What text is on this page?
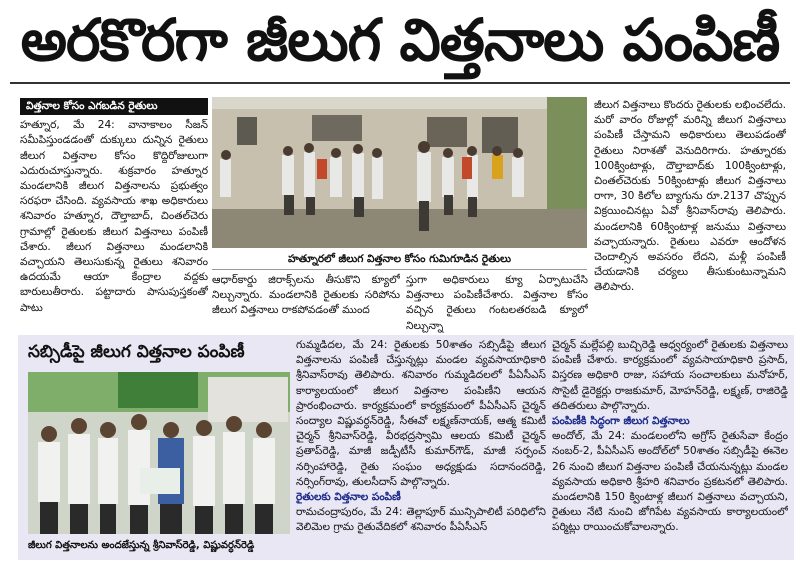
అరకొరగా జీలుగ విత్తనాలు పంపిణీ
విత్తనాల కోసం ఎగబడిన రైతులు
హత్నూర, మే 24: వానాకాలం సీజన్ సమీపిస్తుండడంతో దుక్కులు దున్నిన రైతులు జీలుగ విత్తనాల కోసం కొద్దిరోజులుగా ఎదురుచూస్తున్నారు. శుక్రవారం హత్నూర మండలానికి జీలుగ విత్తనాలను ప్రభుత్వం సరఫరా చేసింది. వ్యవసాయ శాఖ అధికారులు శనివారం హత్నూర, దౌల్తాబాద్, చింతల్‌చెరు గ్రామాల్లో రైతులకు జీలుగ విత్తనాలు పంపిణీ చేశారు. జీలుగ విత్తనాలు మండలానికి వచ్చాయని తెలుసుకున్న రైతులు శనివారం ఉదయమే ఆయా కేంద్రాల వద్దకు బారులుతీరారు. పట్టాదారు పాసుపుస్తకంతో పాటు
హత్నూరలో జీలుగ విత్తనాల కోసం గుమిగూడిన రైతులు
ఆధార్‌కార్డు జిరాక్స్‌లను తీసుకొని క్యూలో నిల్చున్నారు. మండలానికి రైతులకు సరిపోను జీలుగ విత్తనాలు రాకపోవడంతో ముంద
స్తుగా అధికారులు క్యూ ఏర్పాటుచేసి విత్తనాలు పంపిణీచేశారు. విత్తనాల కోసం వచ్చిన రైతులు గంటలతరబడి క్యూలో నిల్చున్నా
జీలుగ విత్తనాలు కొందరు రైతులకు లభించలేదు. మరో వారం రోజుల్లో మరిన్ని జీలుగ విత్తనాలు పంపిణీ చేస్తామని అధికారులు తెలుపడంతో రైతులు నిరాశతో వెనుదిరిగారు. హత్నూరకు 100క్వింటాళ్లు, దౌల్తాబాద్‌కు 100క్వింటాళ్లు, చింతల్‌చెరుకు 50క్వింటాళ్లు జీలుగ విత్తనాలు రాగా, 30 కిలోల బ్యాగును రూ.2137 చొప్పున విక్రయించినట్లు ఏవో శ్రీనివాస్‌రావు తెలిపారు. మండలానికి 60క్వింటాళ్ల జనుము విత్తనాలు వచ్చాయన్నారు. రైతులు ఎవరూ ఆందోళన చెందాల్సిన అవసరం లేదని, మళ్లీ పంపిణీ చేయడానికి చర్యలు తీసుకుంటున్నామని తెలిపారు.
సబ్సిడీపై జీలుగ విత్తనాల పంపిణీ
జీలుగ విత్తనాలను అందజేస్తున్న శ్రీనివాస్‌రెడ్డి, విష్ణువర్ధన్‌రెడ్డి
గుమ్మడిదల, మే 24: రైతులకు 50శాతం సబ్సిడీపై జీలుగ విత్తనాలను పంపిణీ చేస్తున్నట్లు మండల వ్యవసాయాధికారి శ్రీనివాస్‌రావు తెలిపారు. శనివారం గుమ్మడిదలలో పీఏసీఎస్ కార్యాలయంలో జీలుగ విత్తనాల పంపిణీని ఆయన ప్రారంభించారు. కార్యక్రమంలో కార్యక్రమంలో పీఏసీఎస్ చైర్మన్ సంద్యాల విష్ణువర్ధన్‌రెడ్డి, సీఈవో లక్ష్మణ్‌నాయక్, ఆత్మ కమిటీ చైర్మన్ శ్రీనివాస్‌రెడ్డి, వీరభద్రస్వామి ఆలయ కమిటీ చైర్మన్ ప్రతాప్‌రెడ్డి, మాజీ జడ్పీటీసీ కుమార్‌గౌడ్, మాజీ సర్పంచ్ నర్సింహారెడ్డి, రైతు సంఘం అధ్యక్షుడు సదానందరెడ్డి, నర్సింగ్‌రావు, తులసీదాస్ పాల్గొన్నారు.
రైతులకు విత్తనాల పంపిణీ
రామచంద్రాపురం, మే 24: తెల్లాపూర్ మున్సిపాలిటీ పరిధిలోని వెలిమెల గ్రామ రైతువేదికలో శనివారం పీఏసీఎస్
చైర్మన్ మల్లేపల్లి బుచ్చిరెడ్డి ఆధ్వర్యంలో రైతులకు విత్తనాలు పంపిణీ చేశారు. కార్యక్రమంలో వ్యవసాయాధికారి ప్రసాద్, విస్తరణ అధికారి రాజు, సహాయ సంచాలకులు మనోహర్, సొసైటీ డైరెక్టర్లు రాజకుమార్, మోహన్‌రెడ్డి, లక్ష్మణ్, రాజిరెడ్డి తదితరులు పాల్గొన్నారు.
పంపిణీకి సిద్ధంగా జీలుగ విత్తనాలు
అందోల్, మే 24: మండలంలోని అగ్రోస్ రైతుసేవా కేంద్రం నంబర్-2, పీఏసీఎస్ అందోల్‌లో 50శాతం సబ్సిడీపై ఈనెల 26 నుంచి జీలుగ విత్తనాల పంపిణీ చేయనున్నట్లు మండల వ్యవసాయ అధికారి శ్రీహరి శనివారం ప్రకటనలో తెలిపారు. మండలానికి 150 క్వింటాళ్ల జీలుగ విత్తనాలు వచ్చాయని, రైతులు నేటి నుంచి జోగిపేట వ్యవసాయ కార్యాలయంలో పర్మిట్లు రాయించుకోవాలన్నారు.
